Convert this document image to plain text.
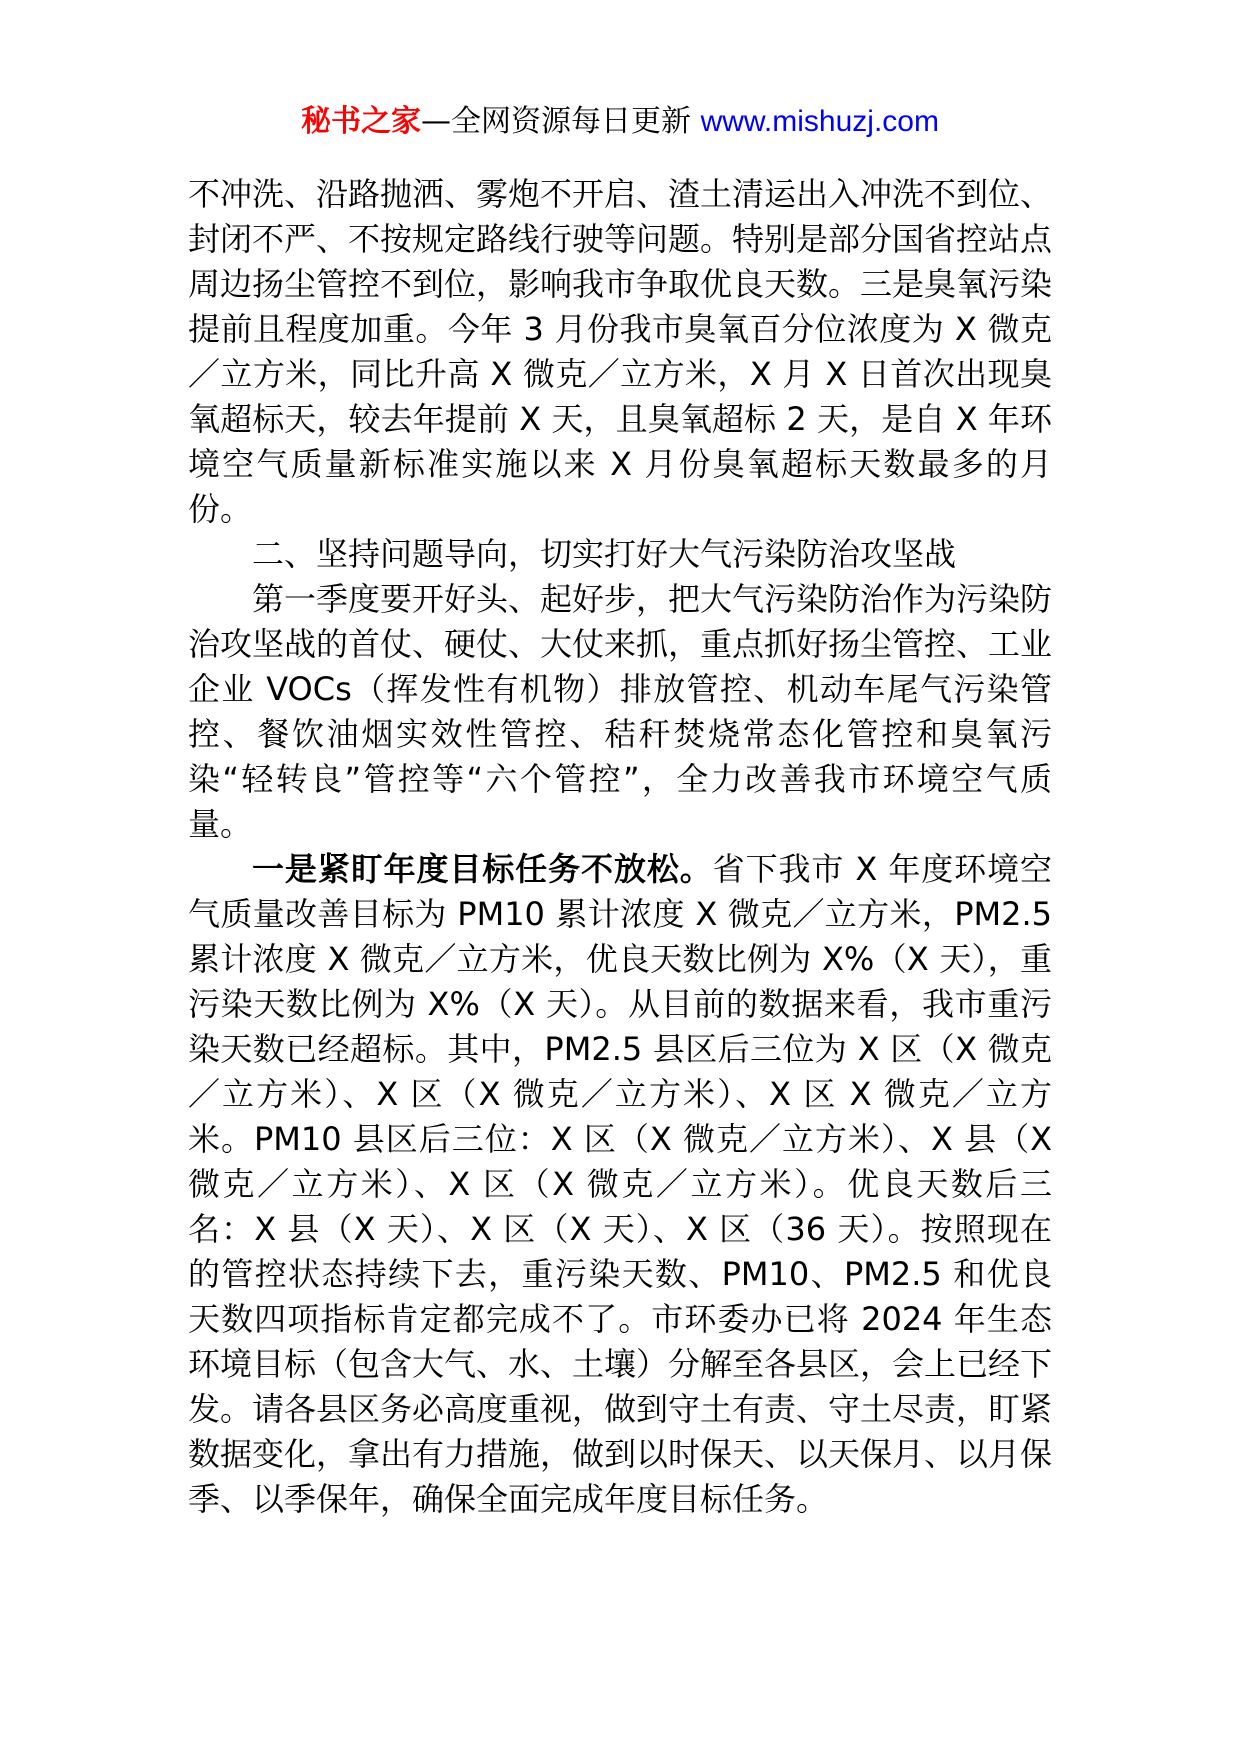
秘书之家—全网资源每日更新 www.mishuzj.com

不冲洗、沿路抛洒、雾炮不开启、渣土清运出入冲洗不到位、封闭不严、不按规定路线行驶等问题。特别是部分国省控站点周边扬尘管控不到位，影响我市争取优良天数。三是臭氧污染提前且程度加重。今年 3 月份我市臭氧百分位浓度为 X 微克／立方米，同比升高 X 微克／立方米，X 月 X 日首次出现臭氧超标天，较去年提前 X 天，且臭氧超标 2 天，是自 X 年环境空气质量新标准实施以来 X 月份臭氧超标天数最多的月份。

二、坚持问题导向，切实打好大气污染防治攻坚战

第一季度要开好头、起好步，把大气污染防治作为污染防治攻坚战的首仗、硬仗、大仗来抓，重点抓好扬尘管控、工业企业 VOCs（挥发性有机物）排放管控、机动车尾气污染管控、餐饮油烟实效性管控、秸秆焚烧常态化管控和臭氧污染“轻转良”管控等“六个管控”，全力改善我市环境空气质量。

一是紧盯年度目标任务不放松。省下我市 X 年度环境空气质量改善目标为 PM10 累计浓度 X 微克／立方米，PM2.5 累计浓度 X 微克／立方米，优良天数比例为 X%（X 天），重污染天数比例为 X%（X 天）。从目前的数据来看，我市重污染天数已经超标。其中，PM2.5 县区后三位为 X 区（X 微克／立方米）、X 区（X 微克／立方米）、X 区 X 微克／立方米。PM10 县区后三位：X 区（X 微克／立方米）、X 县（X 微克／立方米）、X 区（X 微克／立方米）。优良天数后三名：X 县（X 天）、X 区（X 天）、X 区（36 天）。按照现在的管控状态持续下去，重污染天数、PM10、PM2.5 和优良天数四项指标肯定都完成不了。市环委办已将 2024 年生态环境目标（包含大气、水、土壤）分解至各县区，会上已经下发。请各县区务必高度重视，做到守土有责、守土尽责，盯紧数据变化，拿出有力措施，做到以时保天、以天保月、以月保季、以季保年，确保全面完成年度目标任务。
